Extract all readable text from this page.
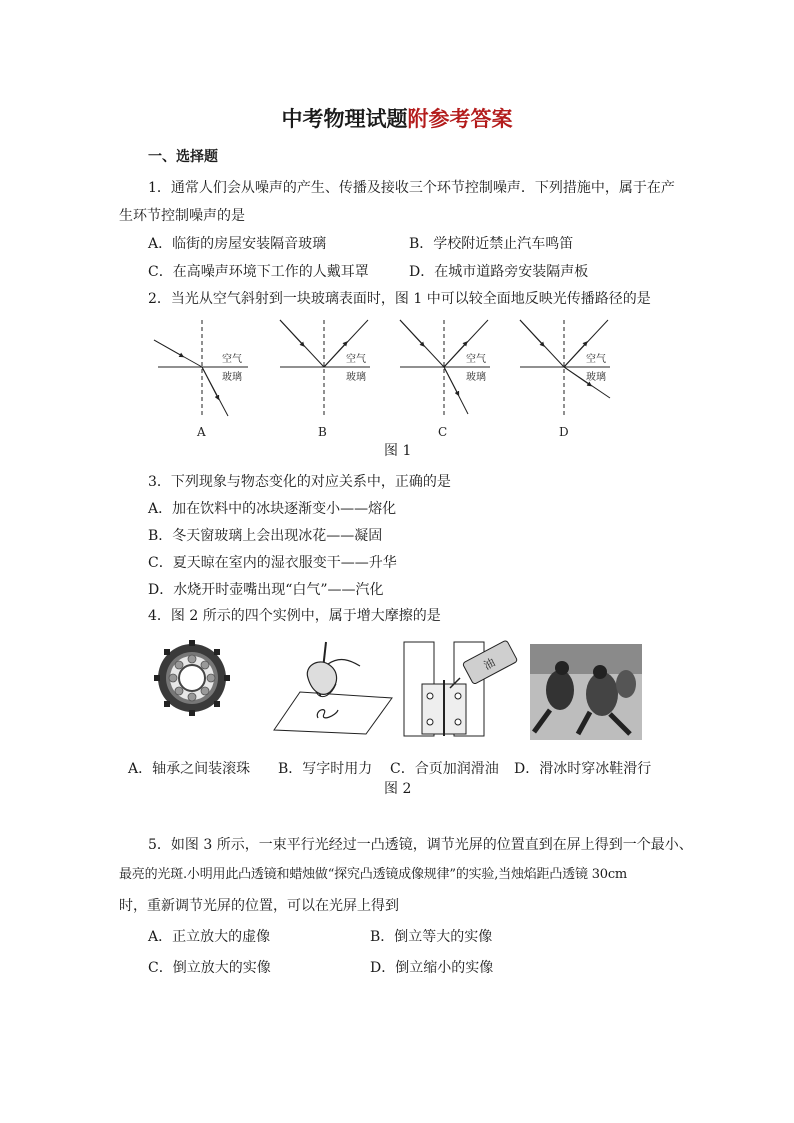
中考物理试题附参考答案
一、选择题
1．通常人们会从噪声的产生、传播及接收三个环节控制噪声．下列措施中，属于在产
生环节控制噪声的是
A．临街的房屋安装隔音玻璃	B．学校附近禁止汽车鸣笛
C．在高噪声环境下工作的人戴耳罩	D．在城市道路旁安装隔声板
2．当光从空气斜射到一块玻璃表面时，图 1 中可以较全面地反映光传播路径的是
空气
玻璃
空气
玻璃
空气
玻璃
空气
玻璃
A	B	C	D
图 1
3．下列现象与物态变化的对应关系中，正确的是
A．加在饮料中的冰块逐渐变小——熔化
B．冬天窗玻璃上会出现冰花——凝固
C．夏天晾在室内的湿衣服变干——升华
D．水烧开时壶嘴出现“白气”——汽化
4．图 2 所示的四个实例中，属于增大摩擦的是
油
A．轴承之间装滚珠 B．写字时用力 C．合页加润滑油 D．滑冰时穿冰鞋滑行
图 2
5．如图 3 所示，一束平行光经过一凸透镜，调节光屏的位置直到在屏上得到一个最小、
最亮的光斑.小明用此凸透镜和蜡烛做“探究凸透镜成像规律”的实验,当烛焰距凸透镜 30cm
时，重新调节光屏的位置，可以在光屏上得到
A．正立放大的虚像	B．倒立等大的实像
C．倒立放大的实像	D．倒立缩小的实像
